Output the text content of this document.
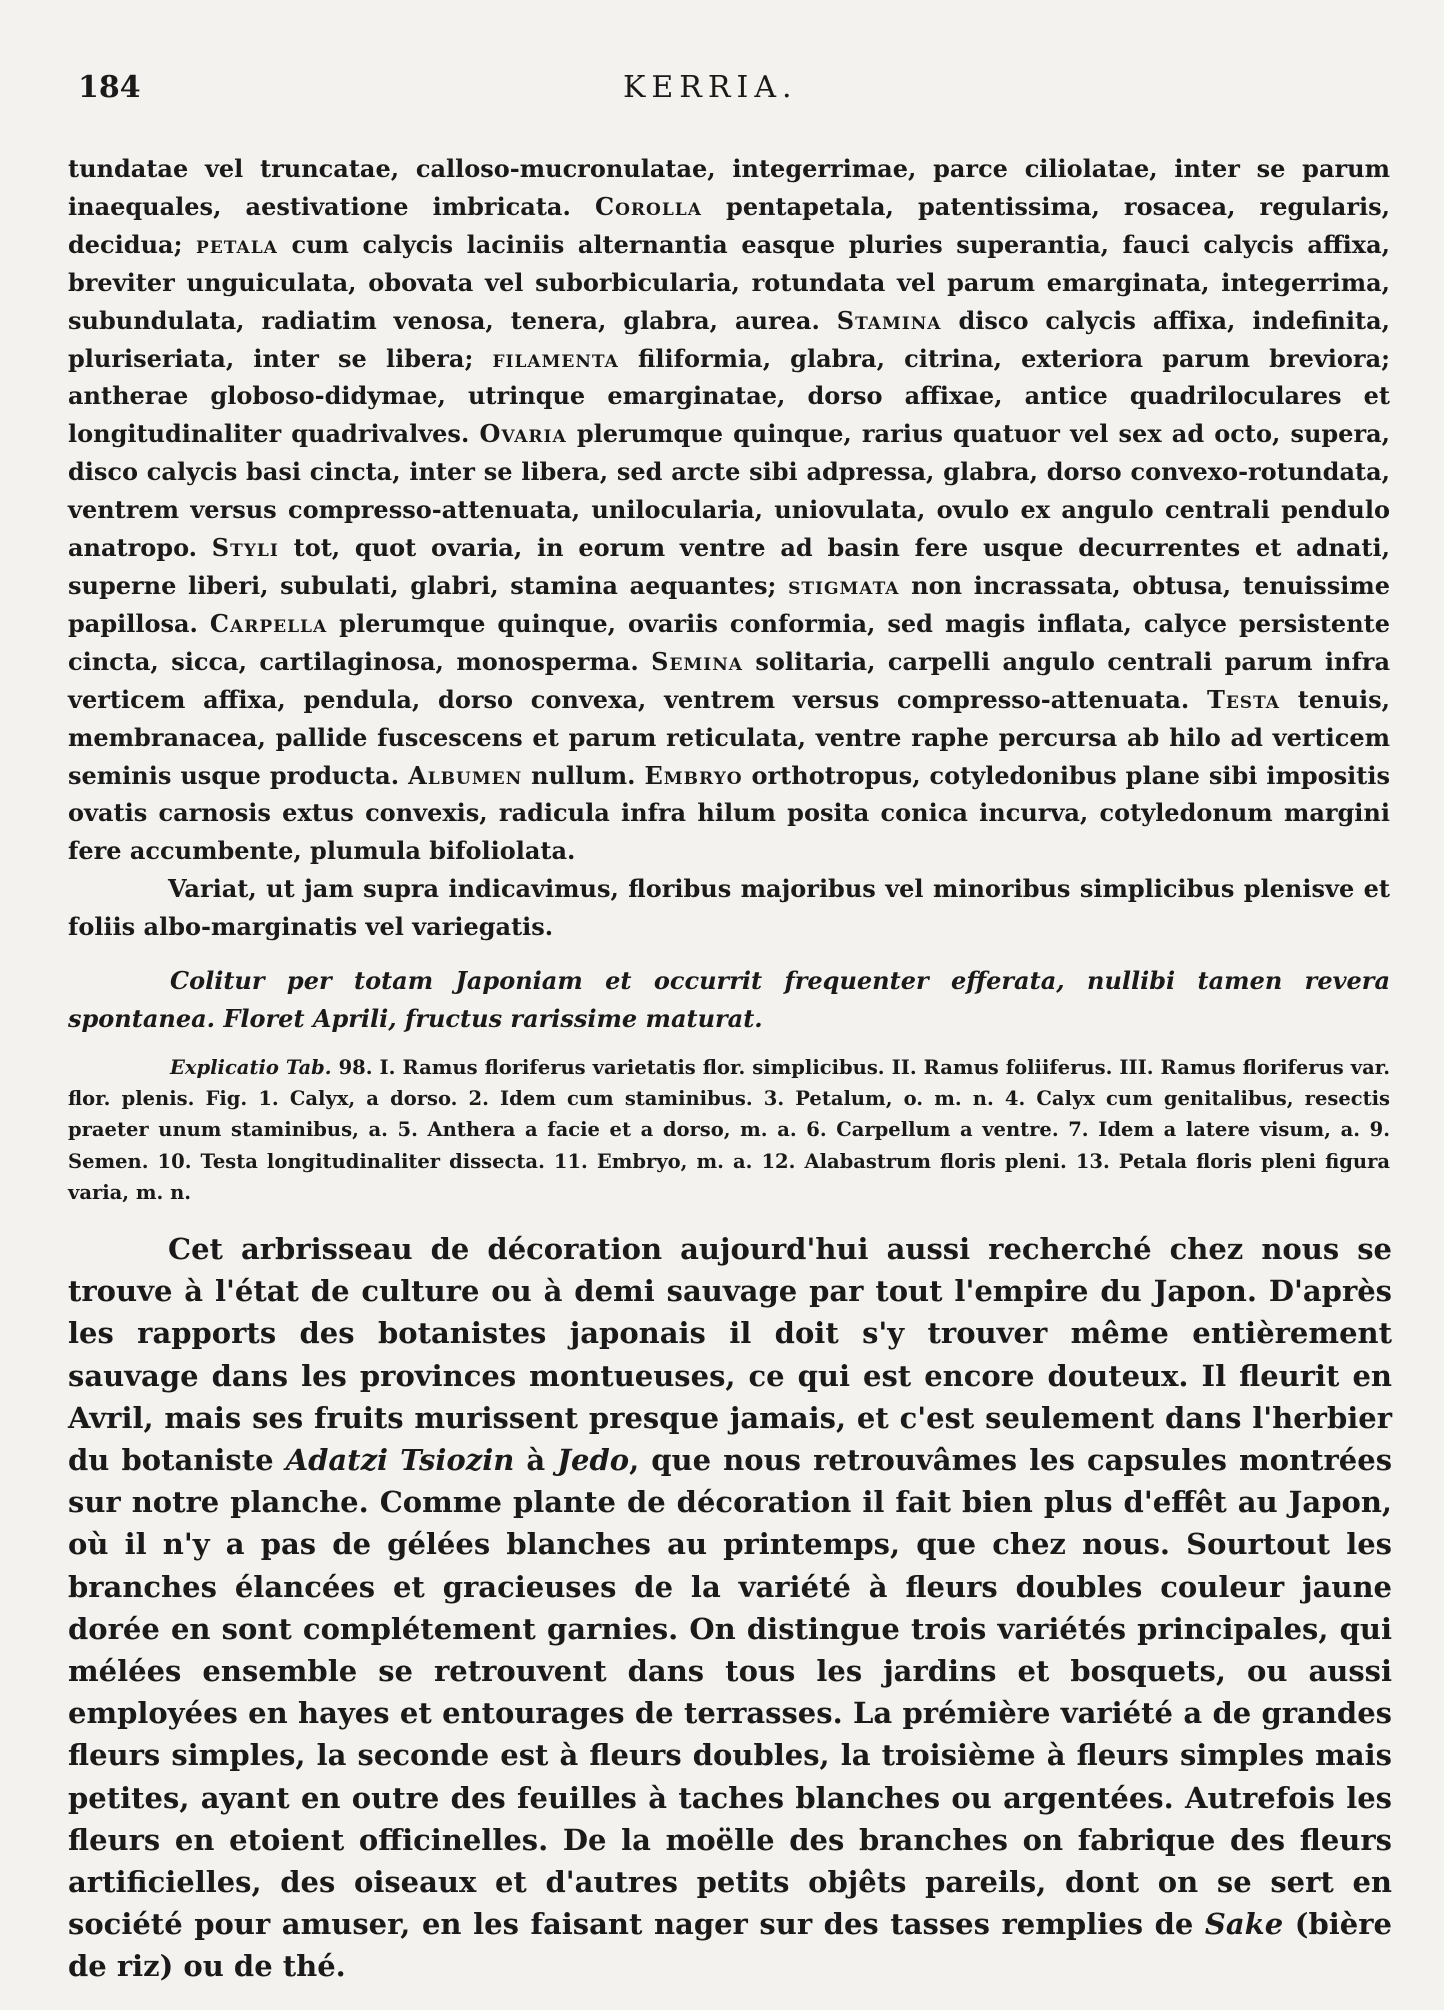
184	KERRIA.

tundatae vel truncatae, calloso-mucronulatae, integerrimae, parce ciliolatae, inter se parum inaequales, aestivatione imbricata. Corolla pentapetala, patentissima, rosacea, regularis, decidua; petala cum calycis laciniis alternantia easque pluries superantia, fauci calycis affixa, breviter unguiculata, obovata vel suborbicularia, rotundata vel parum emarginata, integerrima, subundulata, radiatim venosa, tenera, glabra, aurea. Stamina disco calycis affixa, indefinita, pluriseriata, inter se libera; filamenta filiformia, glabra, citrina, exteriora parum breviora; antherae globoso-didymae, utrinque emarginatae, dorso affixae, antice quadriloculares et longitudinaliter quadrivalves. Ovaria plerumque quinque, rarius quatuor vel sex ad octo, supera, disco calycis basi cincta, inter se libera, sed arcte sibi adpressa, glabra, dorso convexo-rotundata, ventrem versus compresso-attenuata, unilocularia, uniovulata, ovulo ex angulo centrali pendulo anatropo. Styli tot, quot ovaria, in eorum ventre ad basin fere usque decurrentes et adnati, superne liberi, subulati, glabri, stamina aequantes; stigmata non incrassata, obtusa, tenuissime papillosa. Carpella plerumque quinque, ovariis conformia, sed magis inflata, calyce persistente cincta, sicca, cartilaginosa, monosperma. Semina solitaria, carpelli angulo centrali parum infra verticem affixa, pendula, dorso convexa, ventrem versus compresso-attenuata. Testa tenuis, membranacea, pallide fuscescens et parum reticulata, ventre raphe percursa ab hilo ad verticem seminis usque producta. Albumen nullum. Embryo orthotropus, cotyledonibus plane sibi impositis ovatis carnosis extus convexis, radicula infra hilum posita conica incurva, cotyledonum margini fere accumbente, plumula bifoliolata.

Variat, ut jam supra indicavimus, floribus majoribus vel minoribus simplicibus plenisve et foliis albo-marginatis vel variegatis.

Colitur per totam Japoniam et occurrit frequenter efferata, nullibi tamen revera spontanea. Floret Aprili, fructus rarissime maturat.
Explicatio Tab. 98. I. Ramus floriferus varietatis flor. simplicibus. II. Ramus foliiferus. III. Ramus floriferus var. flor. plenis. Fig. 1. Calyx, a dorso. 2. Idem cum staminibus. 3. Petalum, o. m. n. 4. Calyx cum genitalibus, resectis praeter unum staminibus, a. 5. Anthera a facie et a dorso, m. a. 6. Carpellum a ventre. 7. Idem a latere visum, a. 9. Semen. 10. Testa longitudinaliter dissecta. 11. Embryo, m. a. 12. Alabastrum floris pleni. 13. Petala floris pleni figura varia, m. n.
Cet arbrisseau de décoration aujourd'hui aussi recherché chez nous se trouve à l'état de culture ou à demi sauvage par tout l'empire du Japon. D'après les rapports des botanistes japonais il doit s'y trouver même entièrement sauvage dans les provinces montueuses, ce qui est encore douteux. Il fleurit en Avril, mais ses fruits murissent presque jamais, et c'est seulement dans l'herbier du botaniste Adatzi Tsiozin à Jedo, que nous retrouvâmes les capsules montrées sur notre planche. Comme plante de décoration il fait bien plus d'effêt au Japon, où il n'y a pas de gélées blanches au printemps, que chez nous. Sourtout les branches élancées et gracieuses de la variété à fleurs doubles couleur jaune dorée en sont complétement garnies. On distingue trois variétés principales, qui mélées ensemble se retrouvent dans tous les jardins et bosquets, ou aussi employées en hayes et entourages de terrasses. La prémière variété a de grandes fleurs simples, la seconde est à fleurs doubles, la troisième à fleurs simples mais petites, ayant en outre des feuilles à taches blanches ou argentées. Autrefois les fleurs en etoient officinelles. De la moëlle des branches on fabrique des fleurs artificielles, des oiseaux et d'autres petits objêts pareils, dont on se sert en société pour amuser, en les faisant nager sur des tasses remplies de Sake (bière de riz) ou de thé.
